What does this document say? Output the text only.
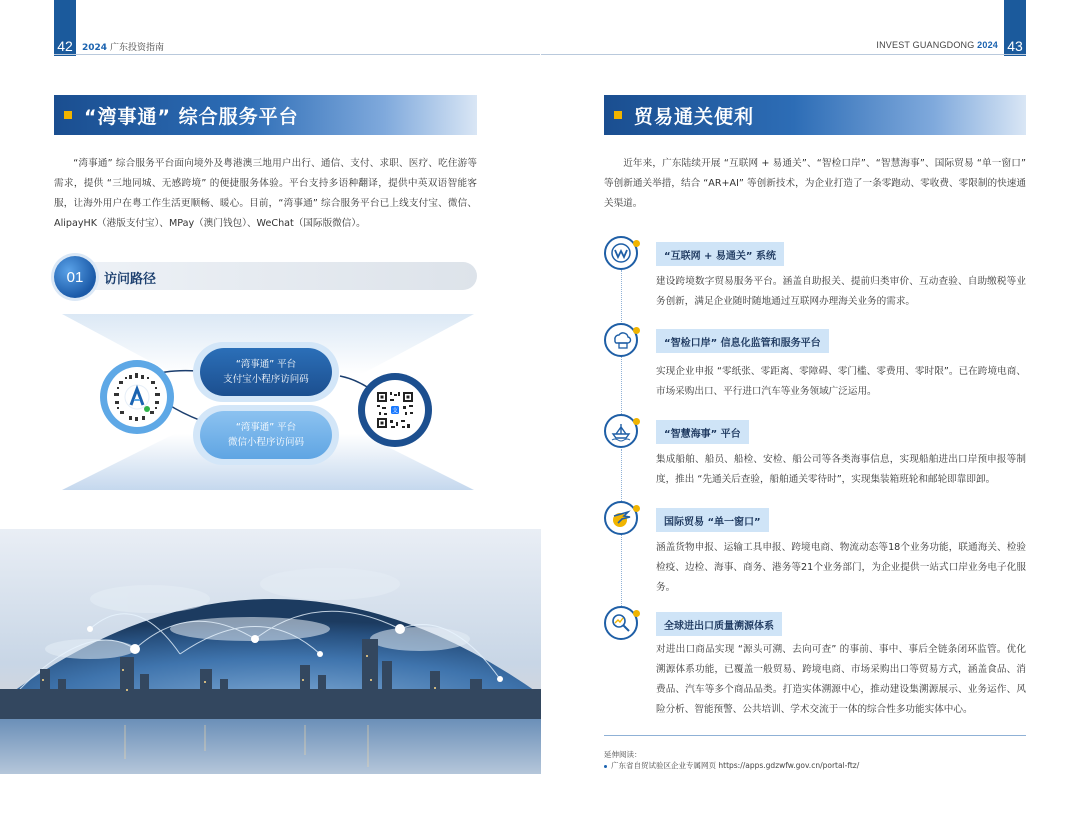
42	2024 广东投资指南	INVEST GUANGDONG 2024 43
“湾事通” 综合服务平台
“湾事通” 综合服务平台面向境外及粤港澳三地用户出行、通信、支付、求职、医疗、吃住游等需求，提供 “三地同城、无感跨境” 的便捷服务体验。平台支持多语种翻译，提供中英双语智能客服，让海外用户在粤工作生活更顺畅、暖心。目前，“湾事通” 综合服务平台已上线支付宝、微信、AlipayHK（港版支付宝）、MPay（澳门钱包）、WeChat（国际版微信）。
01	访问路径
“湾事通” 平台
支付宝小程序访问码
“湾事通” 平台
微信小程序访问码
支
贸易通关便利
近年来，广东陆续开展 “互联网 + 易通关”、“智检口岸”、“智慧海事”、国际贸易 “单一窗口” 等创新通关举措，结合 “AR+AI” 等创新技术，为企业打造了一条零跑动、零收费、零限制的快速通关渠道。
“互联网 + 易通关” 系统
建设跨境数字贸易服务平台。涵盖自助报关、提前归类审价、互动查验、自助缴税等业务创新，满足企业随时随地通过互联网办理海关业务的需求。
“智检口岸” 信息化监管和服务平台
实现企业申报 “零纸张、零距离、零障碍、零门槛、零费用、零时限”。已在跨境电商、市场采购出口、平行进口汽车等业务领域广泛运用。
“智慧海事” 平台
集成船舶、船员、船检、安检、船公司等各类海事信息，实现船舶进出口岸预申报等制度，推出 “先通关后查验，船舶通关零待时”，实现集装箱班轮和邮轮即靠即卸。
国际贸易 “单一窗口”
涵盖货物申报、运输工具申报、跨境电商、物流动态等18个业务功能，联通海关、检验检疫、边检、海事、商务、港务等21个业务部门，为企业提供一站式口岸业务电子化服务。
全球进出口质量溯源体系
对进出口商品实现 “源头可溯、去向可查” 的事前、事中、事后全链条闭环监管。优化溯源体系功能，已覆盖一般贸易、跨境电商、市场采购出口等贸易方式，涵盖食品、消费品、汽车等多个商品品类。打造实体溯源中心，推动建设集溯源展示、业务运作、风险分析、智能预警、公共培训、学术交流于一体的综合性多功能实体中心。
延伸阅读：
广东省自贸试验区企业专属网页 https://apps.gdzwfw.gov.cn/portal-ftz/
